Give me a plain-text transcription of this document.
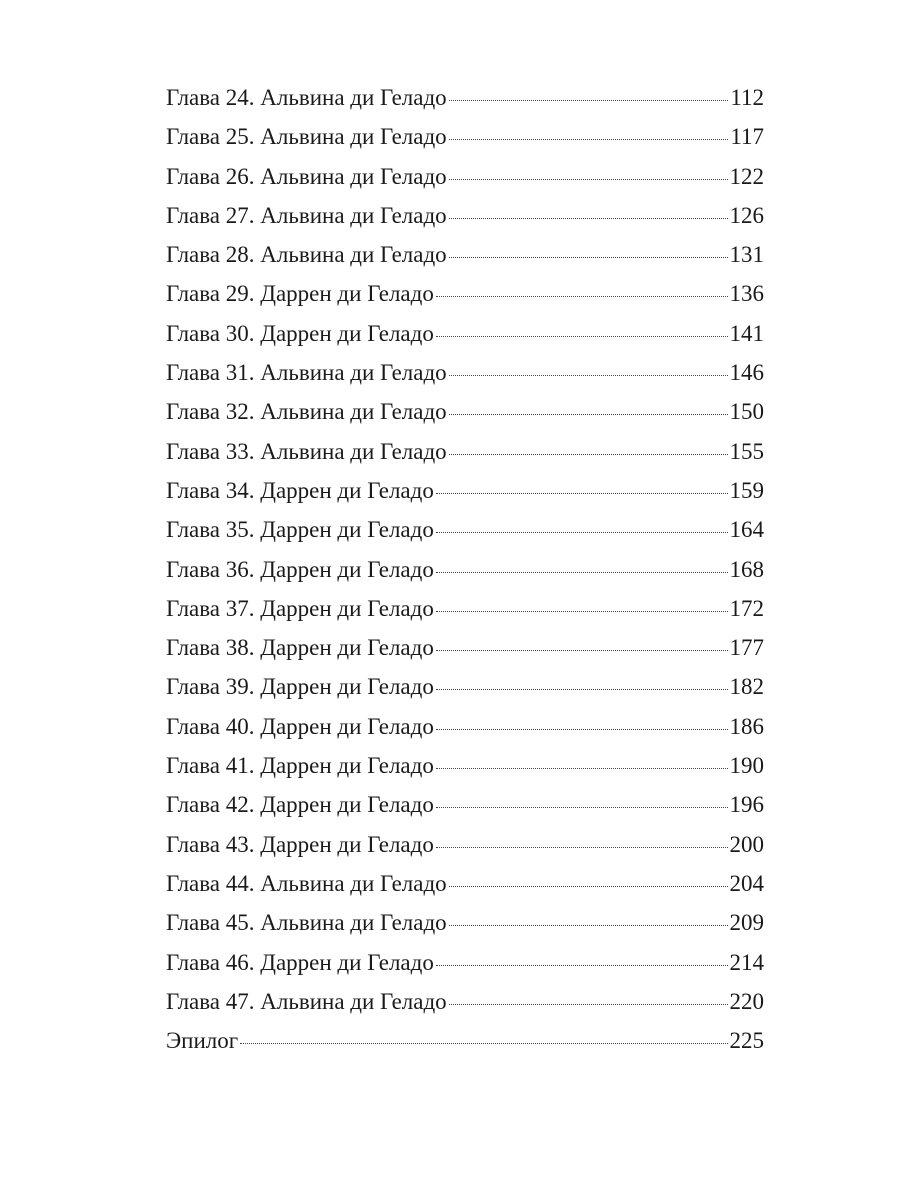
Глава 24. Альвина ди Геладо	112
Глава 25. Альвина ди Геладо	117
Глава 26. Альвина ди Геладо	122
Глава 27. Альвина ди Геладо	126
Глава 28. Альвина ди Геладо	131
Глава 29. Даррен ди Геладо	136
Глава 30. Даррен ди Геладо	141
Глава 31. Альвина ди Геладо	146
Глава 32. Альвина ди Геладо	150
Глава 33. Альвина ди Геладо	155
Глава 34. Даррен ди Геладо	159
Глава 35. Даррен ди Геладо	164
Глава 36. Даррен ди Геладо	168
Глава 37. Даррен ди Геладо	172
Глава 38. Даррен ди Геладо	177
Глава 39. Даррен ди Геладо	182
Глава 40. Даррен ди Геладо	186
Глава 41. Даррен ди Геладо	190
Глава 42. Даррен ди Геладо	196
Глава 43. Даррен ди Геладо	200
Глава 44. Альвина ди Геладо	204
Глава 45. Альвина ди Геладо	209
Глава 46. Даррен ди Геладо	214
Глава 47. Альвина ди Геладо	220
Эпилог	225
